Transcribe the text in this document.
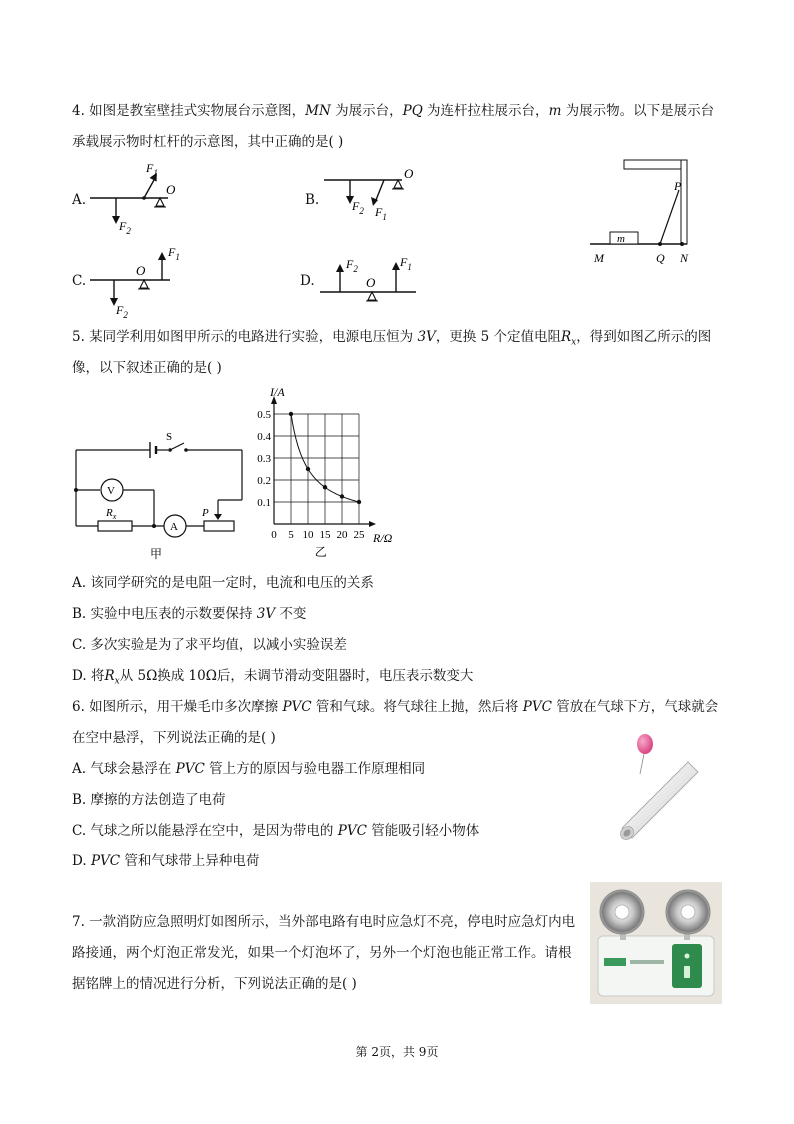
4. 如图是教室壁挂式实物展台示意图，MN 为展示台，PQ 为连杆拉柱展示台，m 为展示物。以下是展示台
承载展示物时杠杆的示意图，其中正确的是( )
A.
$F_2$
$F_1$
O
B.	$F_2$ $F_1$
O
m
P
M	Q N
C.
$F_2$
O
$F_1$
D.
$F_2$
O
$F_1$
5. 某同学利用如图甲所示的电路进行实验，电源电压恒为 3V，更换 5 个定值电阻$R_x$，得到如图乙所示的图
像，以下叙述正确的是( )
S
V
$R_x$
A
P
甲
0 5 10 15 20 25
0.1
0.2
0.3
0.4
0.5
I/A
R/Ω
乙
A. 该同学研究的是电阻一定时，电流和电压的关系
B. 实验中电压表的示数要保持 3V 不变
C. 多次实验是为了求平均值，以减小实验误差
D. 将$R_x$从 5Ω换成 10Ω后，未调节滑动变阻器时，电压表示数变大
6. 如图所示，用干燥毛巾多次摩擦 PVC 管和气球。将气球往上抛，然后将 PVC 管放在气球下方，气球就会
在空中悬浮，下列说法正确的是( )
A. 气球会悬浮在 PVC 管上方的原因与验电器工作原理相同
B. 摩擦的方法创造了电荷
C. 气球之所以能悬浮在空中，是因为带电的 PVC 管能吸引轻小物体
D. PVC 管和气球带上异种电荷
7. 一款消防应急照明灯如图所示，当外部电路有电时应急灯不亮，停电时应急灯内电
路接通，两个灯泡正常发光，如果一个灯泡坏了，另外一个灯泡也能正常工作。请根
据铭牌上的情况进行分析，下列说法正确的是( )
第 2页，共 9页
